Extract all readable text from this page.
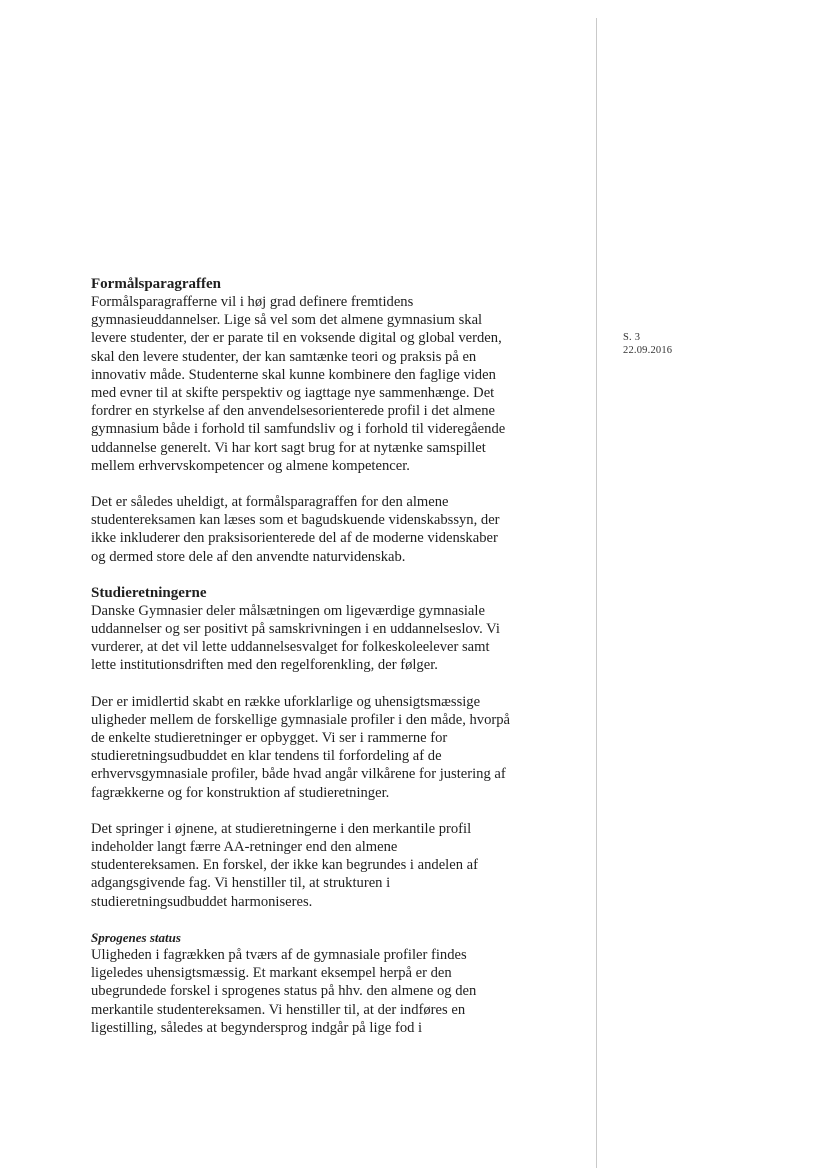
S. 3
22.09.2016
Formålsparagraffen

Formålsparagrafferne vil i høj grad definere fremtidens
gymnasieuddannelser. Lige så vel som det almene gymnasium skal
levere studenter, der er parate til en voksende digital og global verden,
skal den levere studenter, der kan samtænke teori og praksis på en
innovativ måde. Studenterne skal kunne kombinere den faglige viden
med evner til at skifte perspektiv og iagttage nye sammenhænge. Det
fordrer en styrkelse af den anvendelsesorienterede profil i det almene
gymnasium både i forhold til samfundsliv og i forhold til videregående
uddannelse generelt. Vi har kort sagt brug for at nytænke samspillet
mellem erhvervskompetencer og almene kompetencer.

Det er således uheldigt, at formålsparagraffen for den almene
studentereksamen kan læses som et bagudskuende videnskabssyn, der
ikke inkluderer den praksisorienterede del af de moderne videnskaber
og dermed store dele af den anvendte naturvidenskab.

Studieretningerne

Danske Gymnasier deler målsætningen om ligeværdige gymnasiale
uddannelser og ser positivt på samskrivningen i en uddannelseslov. Vi
vurderer, at det vil lette uddannelsesvalget for folkeskoleelever samt
lette institutionsdriften med den regelforenkling, der følger.

Der er imidlertid skabt en række uforklarlige og uhensigtsmæssige
uligheder mellem de forskellige gymnasiale profiler i den måde, hvorpå
de enkelte studieretninger er opbygget. Vi ser i rammerne for
studieretningsudbuddet en klar tendens til forfordeling af de
erhvervsgymnasiale profiler, både hvad angår vilkårene for justering af
fagrækkerne og for konstruktion af studieretninger.

Det springer i øjnene, at studieretningerne i den merkantile profil
indeholder langt færre AA-retninger end den almene
studentereksamen. En forskel, der ikke kan begrundes i andelen af
adgangsgivende fag. Vi henstiller til, at strukturen i
studieretningsudbuddet harmoniseres.

Sprogenes status

Uligheden i fagrækken på tværs af de gymnasiale profiler findes
ligeledes uhensigtsmæssig. Et markant eksempel herpå er den
ubegrundede forskel i sprogenes status på hhv. den almene og den
merkantile studentereksamen. Vi henstiller til, at der indføres en
ligestilling, således at begyndersprog indgår på lige fod i
